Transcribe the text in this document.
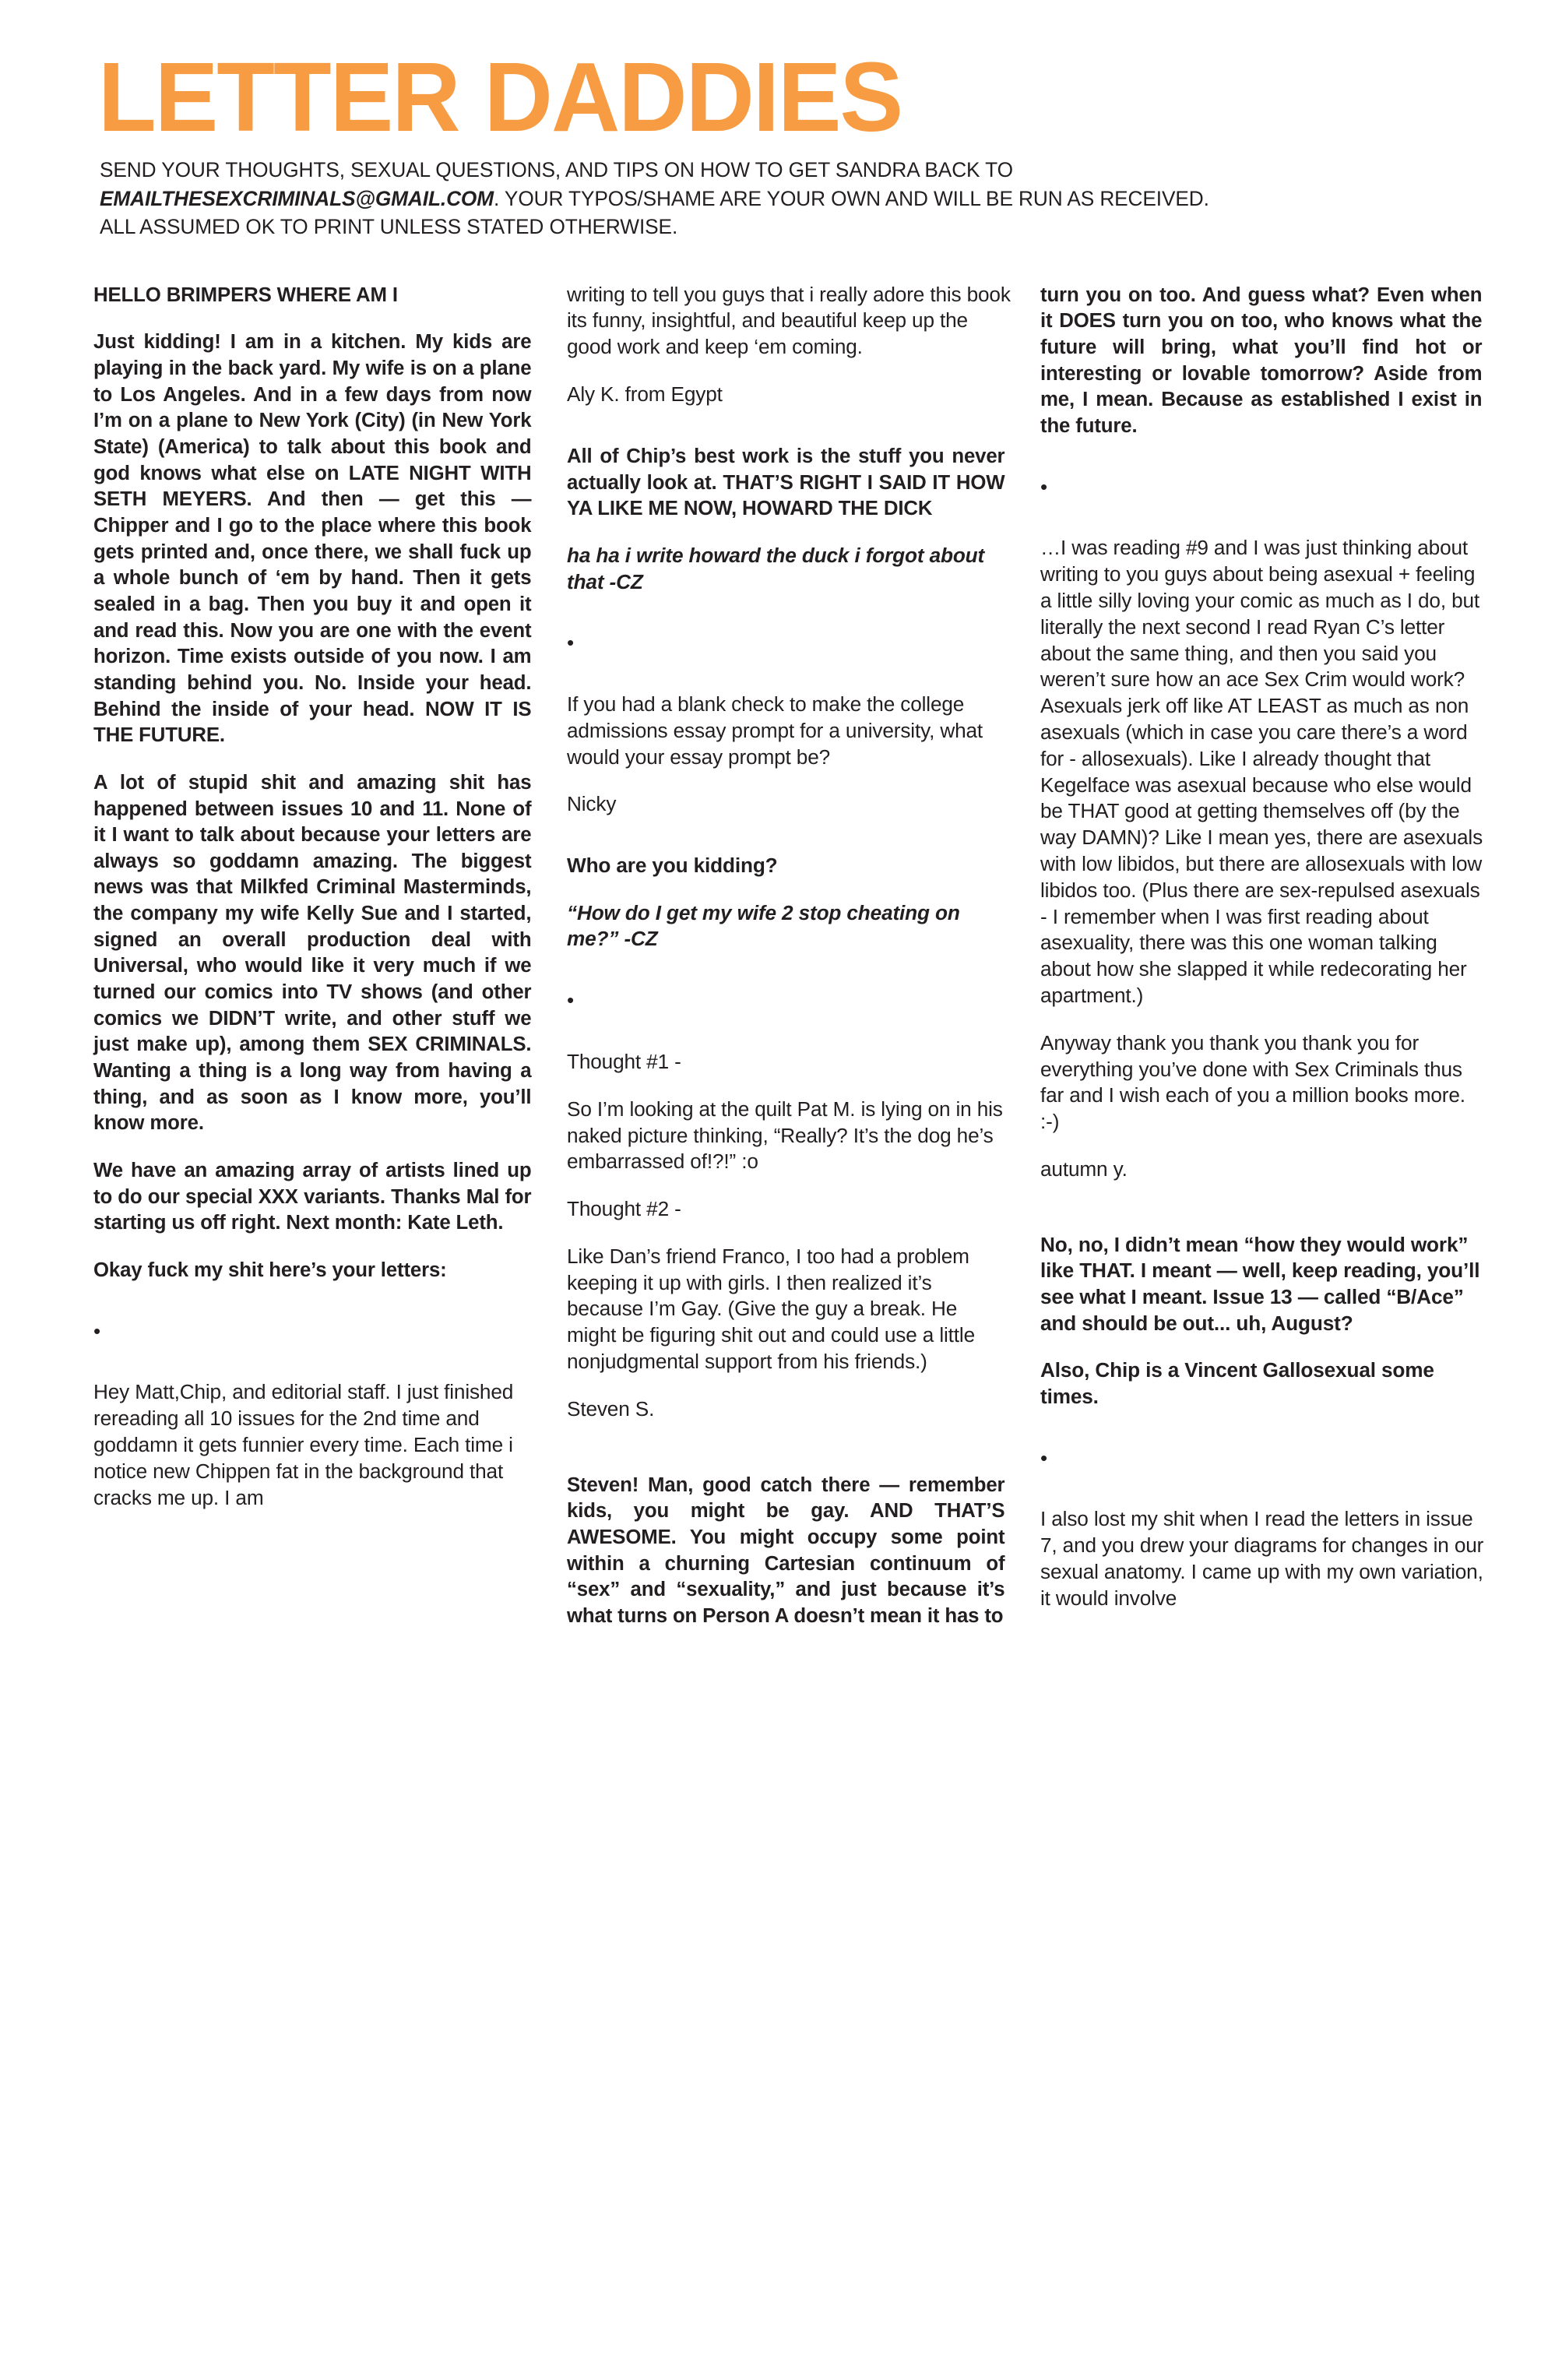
LETTER DADDIES
SEND YOUR THOUGHTS, SEXUAL QUESTIONS, AND TIPS ON HOW TO GET SANDRA BACK TO
EMAILTHESEXCRIMINALS@GMAIL.COM. YOUR TYPOS/SHAME ARE YOUR OWN AND WILL BE RUN AS RECEIVED.
ALL ASSUMED OK TO PRINT UNLESS STATED OTHERWISE.

HELLO BRIMPERS WHERE AM I

Just kidding! I am in a kitchen. My kids are playing in the back yard. My wife is on a plane to Los Angeles. And in a few days from now I’m on a plane to New York (City) (in New York State) (America) to talk about this book and god knows what else on LATE NIGHT WITH SETH MEYERS. And then — get this — Chipper and I go to the place where this book gets printed and, once there, we shall fuck up a whole bunch of ‘em by hand. Then it gets sealed in a bag. Then you buy it and open it and read this. Now you are one with the event horizon. Time exists outside of you now. I am standing behind you. No. Inside your head. Behind the inside of your head. NOW IT IS THE FUTURE.

A lot of stupid shit and amazing shit has happened between issues 10 and 11. None of it I want to talk about because your letters are always so goddamn amazing. The biggest news was that Milkfed Criminal Masterminds, the company my wife Kelly Sue and I started, signed an overall production deal with Universal, who would like it very much if we turned our comics into TV shows (and other comics we DIDN’T write, and other stuff we just make up), among them SEX CRIMINALS. Wanting a thing is a long way from having a thing, and as soon as I know more, you’ll know more.

We have an amazing array of artists lined up to do our special XXX variants. Thanks Mal for starting us off right. Next month: Kate Leth.

Okay fuck my shit here’s your letters:

•

Hey Matt,Chip, and editorial staff. I just finished rereading all 10 issues for the 2nd time and goddamn it gets funnier every time. Each time i notice new Chippen fat in the background that cracks me up. I am

writing to tell you guys that i really adore this book its funny, insightful, and beautiful keep up the good work and keep ‘em coming.

Aly K. from Egypt

All of Chip’s best work is the stuff you never actually look at. THAT’S RIGHT I SAID IT HOW YA LIKE ME NOW, HOWARD THE DICK

ha ha i write howard the duck i forgot about that -CZ

•

If you had a blank check to make the college admissions essay prompt for a university, what would your essay prompt be?

Nicky

Who are you kidding?

“How do I get my wife 2 stop cheating on me?” -CZ

•

Thought #1 -

So I’m looking at the quilt Pat M. is lying on in his naked picture thinking, “Really? It’s the dog he’s embarrassed of!?!” :o

Thought #2 -

Like Dan’s friend Franco, I too had a problem keeping it up with girls. I then realized it’s because I’m Gay. (Give the guy a break. He might be figuring shit out and could use a little nonjudgmental support from his friends.)

Steven S.

Steven! Man, good catch there — remember kids, you might be gay. AND THAT’S AWESOME. You might occupy some point within a churning Cartesian continuum of “sex” and “sexuality,” and just because it’s what turns on Person A doesn’t mean it has to

turn you on too. And guess what? Even when it DOES turn you on too, who knows what the future will bring, what you’ll find hot or interesting or lovable tomorrow? Aside from me, I mean. Because as established I exist in the future.

•

…I was reading #9 and I was just thinking about writing to you guys about being asexual + feeling a little silly loving your comic as much as I do, but literally the next second I read Ryan C’s letter about the same thing, and then you said you weren’t sure how an ace Sex Crim would work? Asexuals jerk off like AT LEAST as much as non asexuals (which in case you care there’s a word for - allosexuals). Like I already thought that Kegelface was asexual because who else would be THAT good at getting themselves off (by the way DAMN)? Like I mean yes, there are asexuals with low libidos, but there are allosexuals with low libidos too. (Plus there are sex-repulsed asexuals - I remember when I was first reading about asexuality, there was this one woman talking about how she slapped it while redecorating her apartment.)

Anyway thank you thank you thank you for everything you’ve done with Sex Criminals thus far and I wish each of you a million books more. :-)

autumn y.

No, no, I didn’t mean “how they would work” like THAT. I meant — well, keep reading, you’ll see what I meant. Issue 13 — called “B/Ace” and should be out... uh, August?

Also, Chip is a Vincent Gallosexual some times.

•

I also lost my shit when I read the letters in issue 7, and you drew your diagrams for changes in our sexual anatomy. I came up with my own variation, it would involve
